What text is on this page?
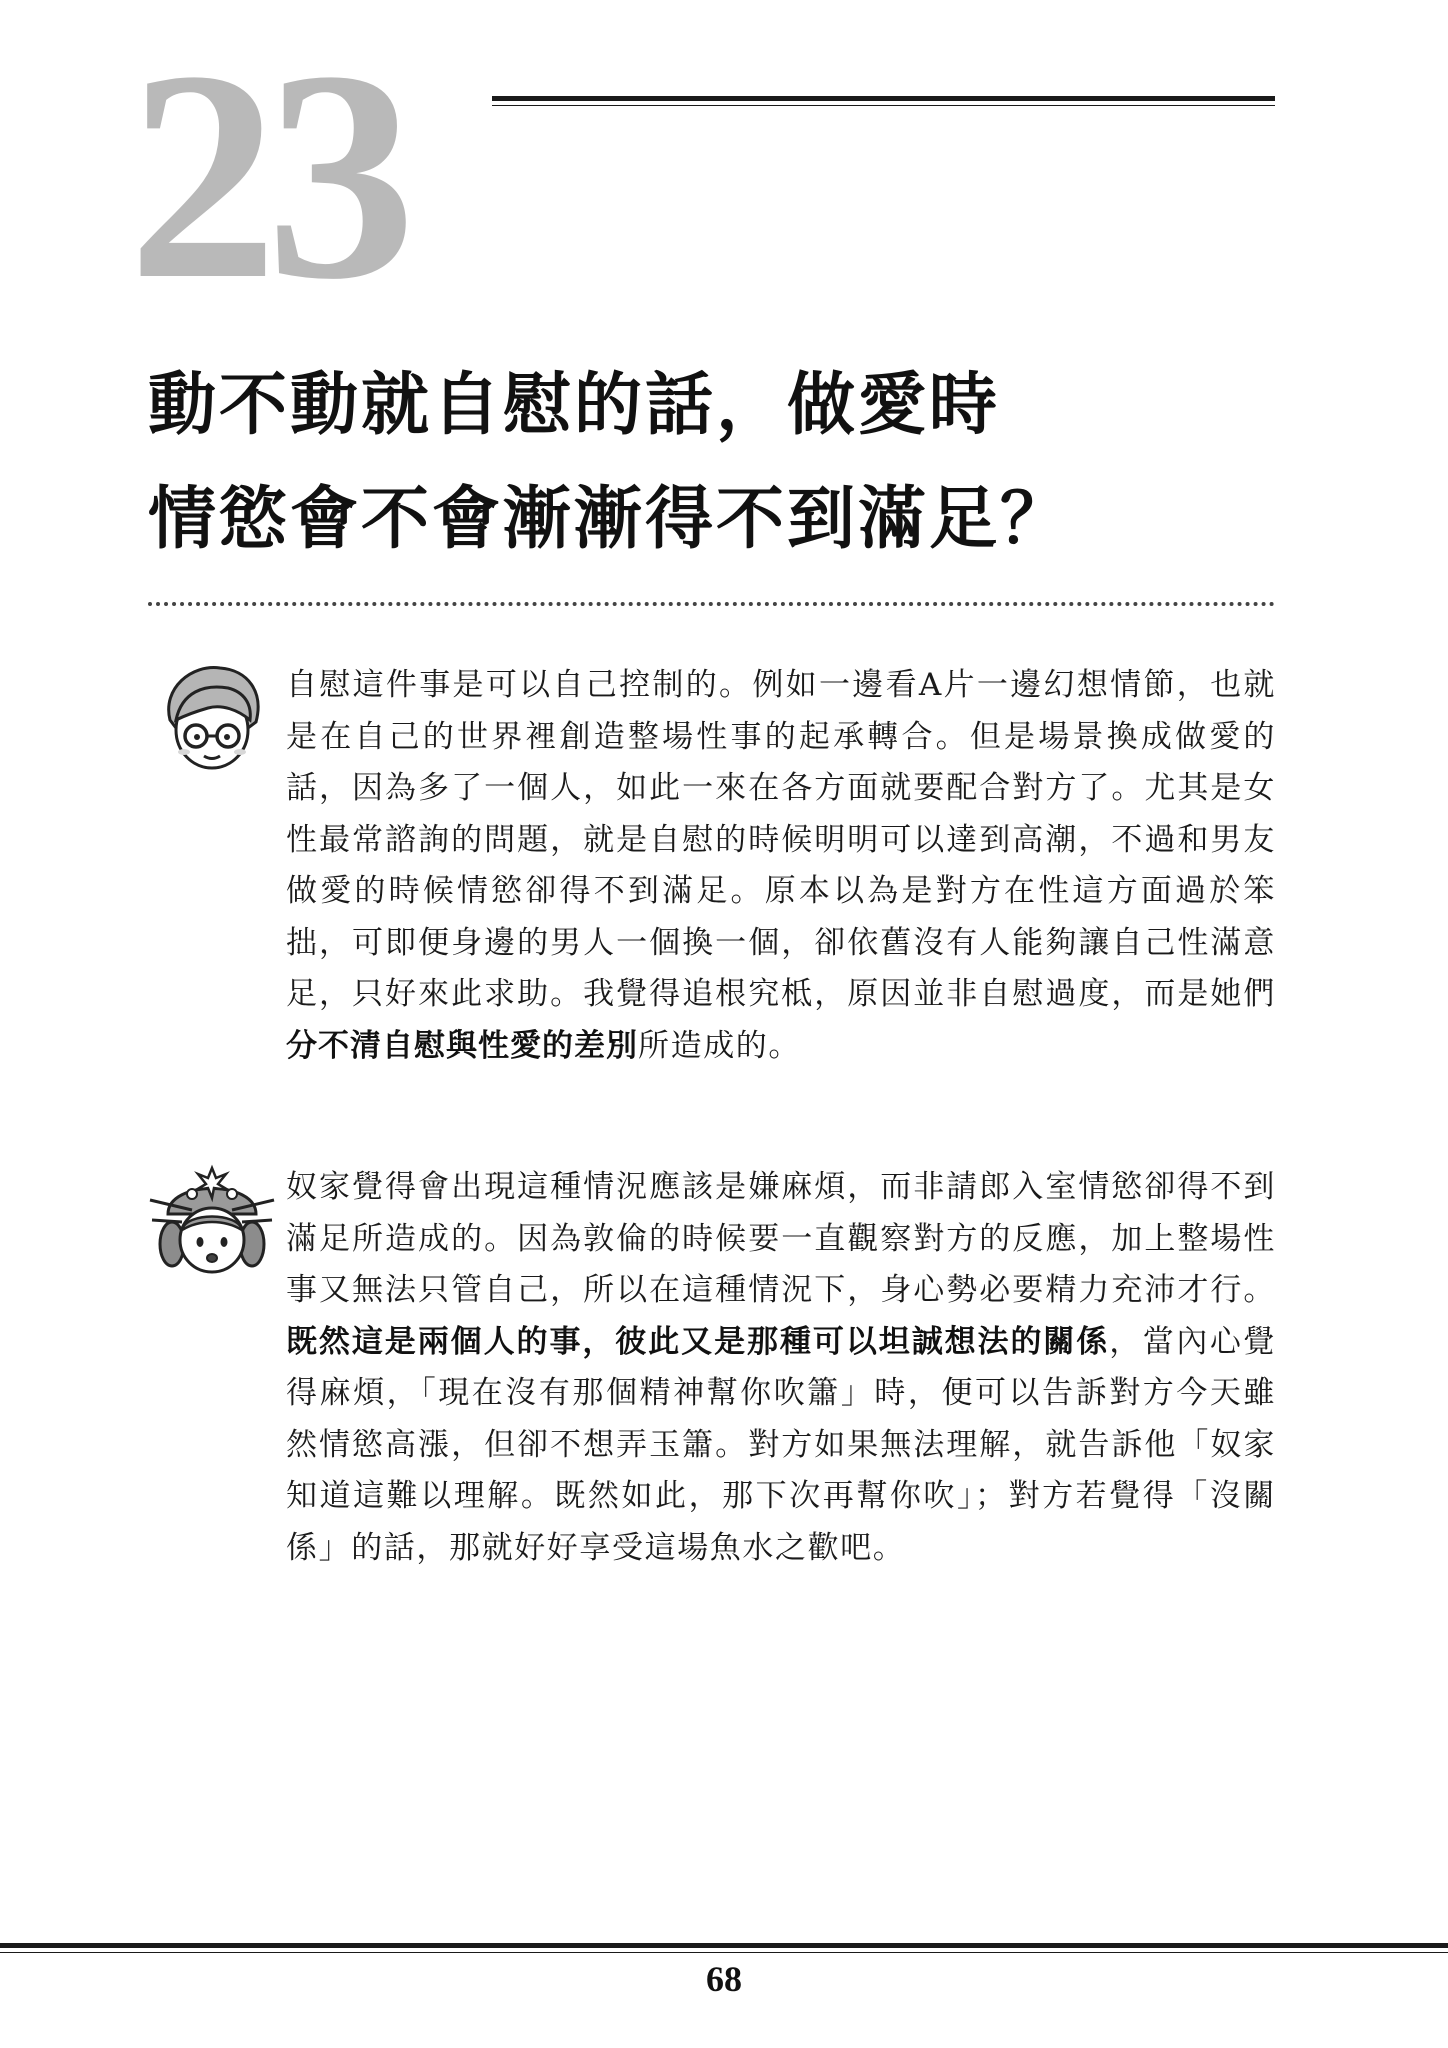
23
動不動就自慰的話，做愛時
情慾會不會漸漸得不到滿足？
自慰這件事是可以自己控制的。例如一邊看A片一邊幻想情節，也就是在自己的世界裡創造整場性事的起承轉合。但是場景換成做愛的話，因為多了一個人，如此一來在各方面就要配合對方了。尤其是女性最常諮詢的問題，就是自慰的時候明明可以達到高潮，不過和男友做愛的時候情慾卻得不到滿足。原本以為是對方在性這方面過於笨拙，可即便身邊的男人一個換一個，卻依舊沒有人能夠讓自己性滿意足，只好來此求助。我覺得追根究柢，原因並非自慰過度，而是她們分不清自慰與性愛的差別所造成的。
奴家覺得會出現這種情況應該是嫌麻煩，而非請郎入室情慾卻得不到滿足所造成的。因為敦倫的時候要一直觀察對方的反應，加上整場性事又無法只管自己，所以在這種情況下，身心勢必要精力充沛才行。既然這是兩個人的事，彼此又是那種可以坦誠想法的關係，當內心覺得麻煩，「現在沒有那個精神幫你吹簫」時，便可以告訴對方今天雖然情慾高漲，但卻不想弄玉簫。對方如果無法理解，就告訴他「奴家知道這難以理解。既然如此，那下次再幫你吹」；對方若覺得「沒關係」的話，那就好好享受這場魚水之歡吧。
68
